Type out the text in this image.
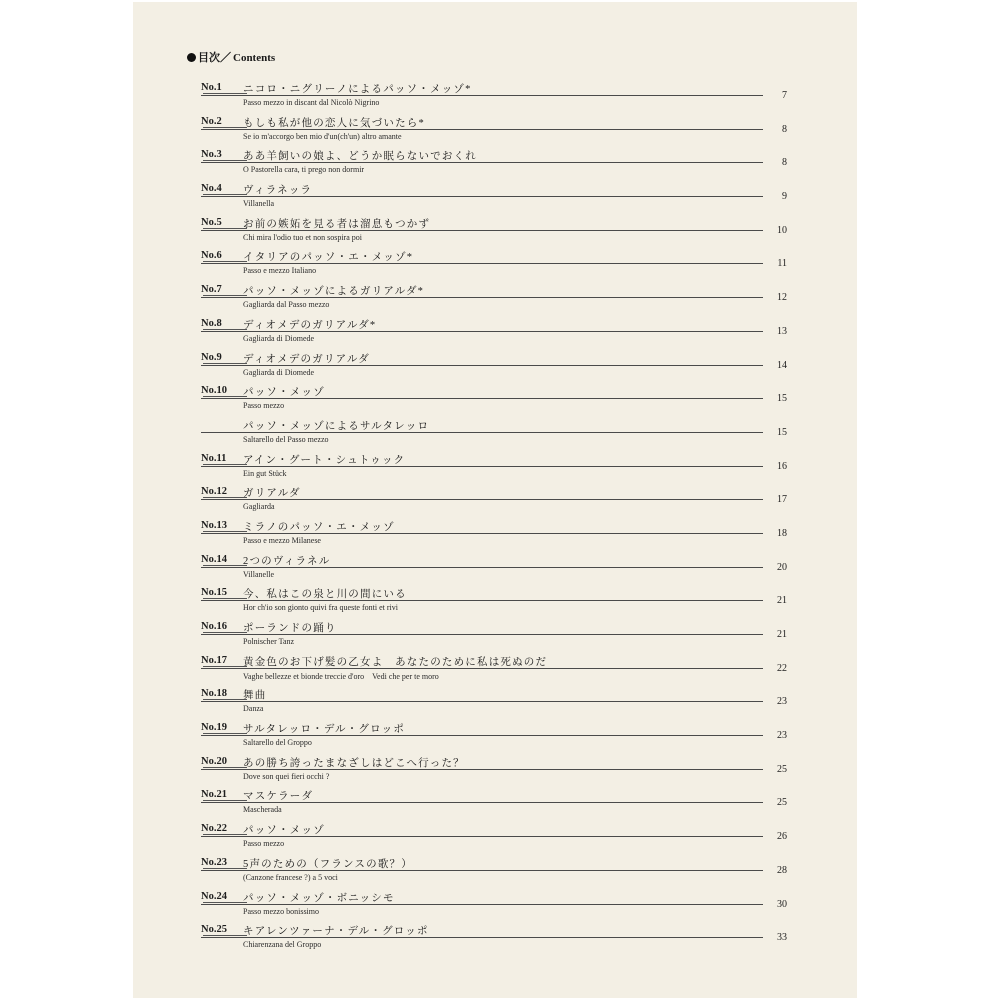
目次／ Contents
No.1	ニコロ・ニグリーノによるパッソ・メッゾ*
Passo mezzo in discant dal Nicolò Nigrino
7
No.2	もしも私が他の恋人に気づいたら*
Se io m'accorgo ben mio d'un(ch'un) altro amante
8
No.3	ああ羊飼いの娘よ、どうか眠らないでおくれ
O Pastorella cara, ti prego non dormir
8
No.4	ヴィラネッラ
Villanella
9
No.5	お前の嫉妬を見る者は溜息もつかず
Chi mira l'odio tuo et non sospira poi
10
No.6	イタリアのパッソ・エ・メッゾ*
Passo e mezzo Italiano
11
No.7	パッソ・メッゾによるガリアルダ*
Gagliarda dal Passo mezzo
12
No.8	ディオメデのガリアルダ*
Gagliarda di Diomede
13
No.9	ディオメデのガリアルダ
Gagliarda di Diomede
14
No.10	パッソ・メッゾ
Passo mezzo
15
パッソ・メッゾによるサルタレッロ
Saltarello del Passo mezzo
15
No.11	アイン・グート・シュトゥック
Ein gut Stück
16
No.12	ガリアルダ
Gagliarda
17
No.13	ミラノのパッソ・エ・メッゾ
Passo e mezzo Milanese
18
No.14	2つのヴィラネル
Villanelle
20
No.15	今、私はこの泉と川の間にいる
Hor ch'io son gionto quivi fra queste fonti et rivi
21
No.16	ポーランドの踊り
Polnischer Tanz
21
No.17	黄金色のお下げ髪の乙女よ　あなたのために私は死ぬのだ
Vaghe bellezze et bionde treccie d'oro　Vedi che per te moro
22
No.18	舞曲
Danza
23
No.19	サルタレッロ・デル・グロッポ
Saltarello del Groppo
23
No.20	あの勝ち誇ったまなざしはどこへ行った？
Dove son quei fieri occhi ?
25
No.21	マスケラーダ
Mascherada
25
No.22	パッソ・メッゾ
Passo mezzo
26
No.23	5声のための（フランスの歌？）
(Canzone francese ?) a 5 voci
28
No.24	パッソ・メッゾ・ボニッシモ
Passo mezzo bonissimo
30
No.25	キアレンツァーナ・デル・グロッポ
Chiarenzana del Groppo
33
